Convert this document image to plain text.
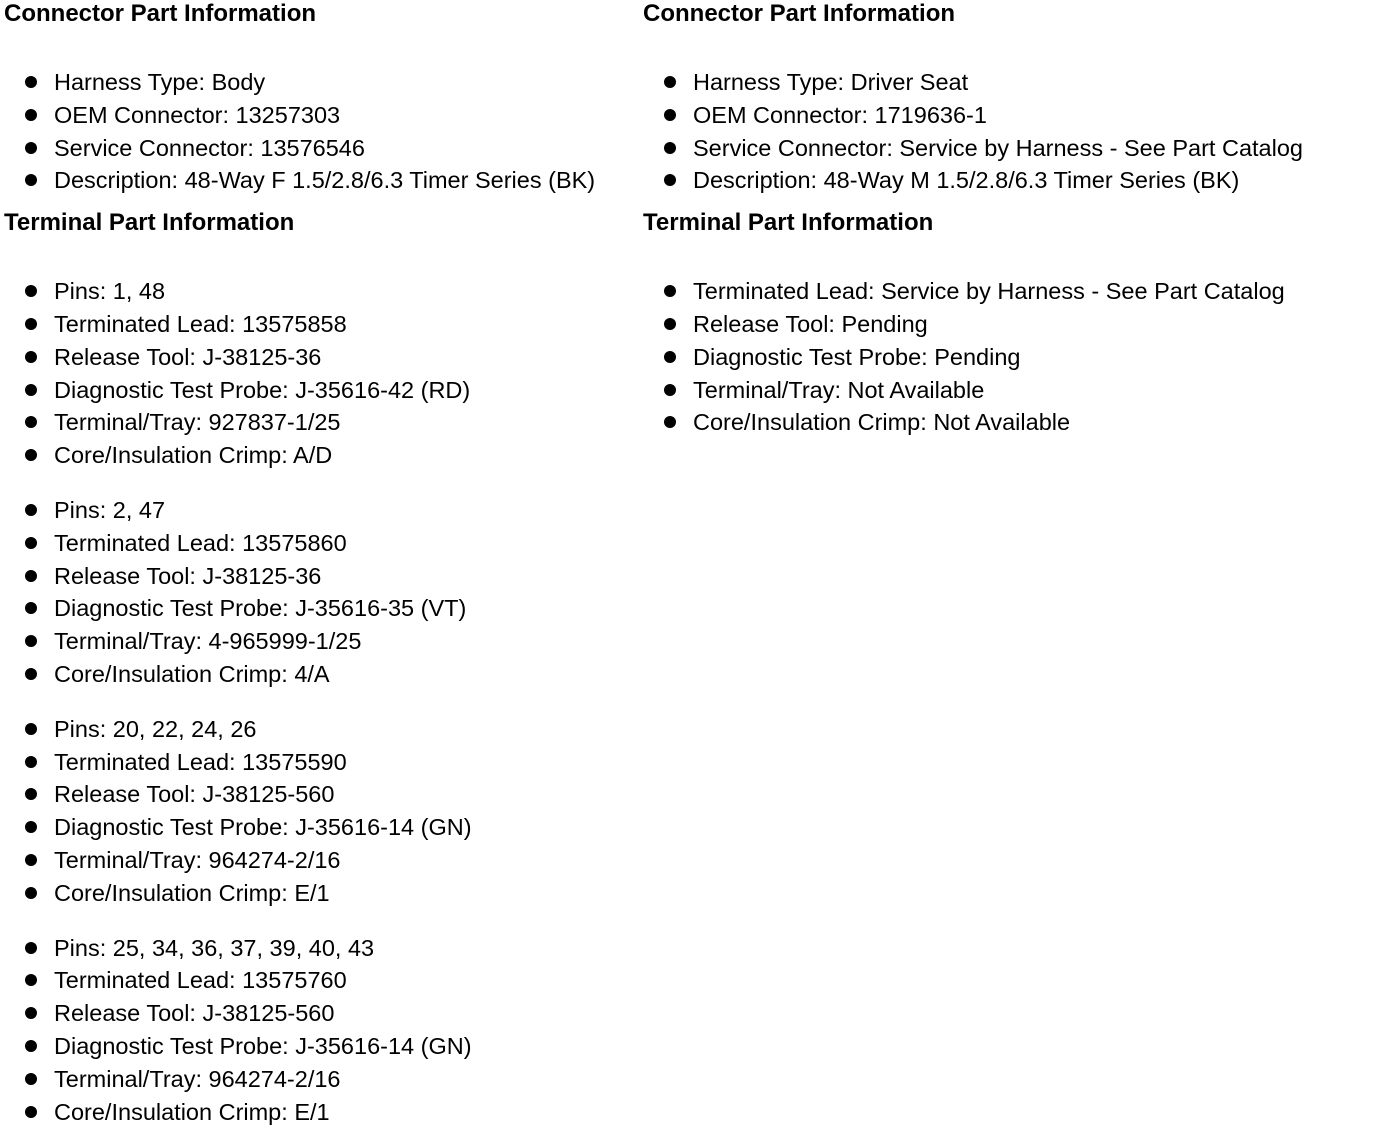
Connector Part Information
Harness Type: Body
OEM Connector: 13257303
Service Connector: 13576546
Description: 48-Way F 1.5/2.8/6.3 Timer Series (BK)
Terminal Part Information
Pins: 1, 48
Terminated Lead: 13575858
Release Tool: J-38125-36
Diagnostic Test Probe: J-35616-42 (RD)
Terminal/Tray: 927837-1/25
Core/Insulation Crimp: A/D
Pins: 2, 47
Terminated Lead: 13575860
Release Tool: J-38125-36
Diagnostic Test Probe: J-35616-35 (VT)
Terminal/Tray: 4-965999-1/25
Core/Insulation Crimp: 4/A
Pins: 20, 22, 24, 26
Terminated Lead: 13575590
Release Tool: J-38125-560
Diagnostic Test Probe: J-35616-14 (GN)
Terminal/Tray: 964274-2/16
Core/Insulation Crimp: E/1
Pins: 25, 34, 36, 37, 39, 40, 43
Terminated Lead: 13575760
Release Tool: J-38125-560
Diagnostic Test Probe: J-35616-14 (GN)
Terminal/Tray: 964274-2/16
Core/Insulation Crimp: E/1
Connector Part Information
Harness Type: Driver Seat
OEM Connector: 1719636-1
Service Connector: Service by Harness - See Part Catalog
Description: 48-Way M 1.5/2.8/6.3 Timer Series (BK)
Terminal Part Information
Terminated Lead: Service by Harness - See Part Catalog
Release Tool: Pending
Diagnostic Test Probe: Pending
Terminal/Tray: Not Available
Core/Insulation Crimp: Not Available
